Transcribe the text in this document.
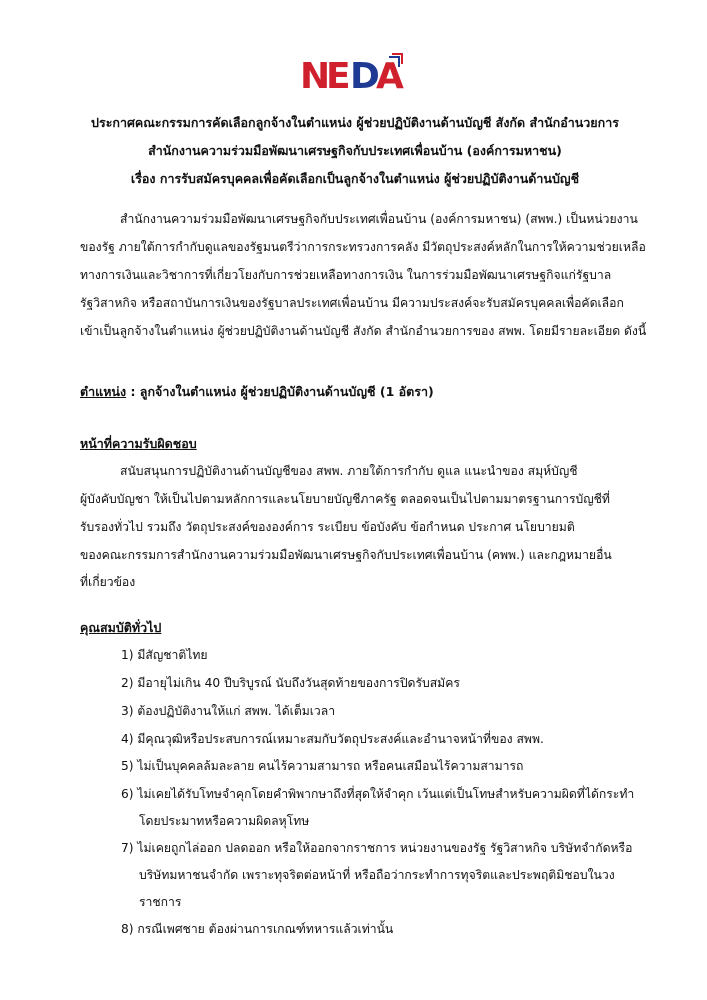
N
E D
A
ประกาศคณะกรรมการคัดเลือกลูกจ้างในตำแหน่ง ผู้ช่วยปฏิบัติงานด้านบัญชี สังกัด สำนักอำนวยการ
สำนักงานความร่วมมือพัฒนาเศรษฐกิจกับประเทศเพื่อนบ้าน (องค์การมหาชน)
เรื่อง การรับสมัครบุคคลเพื่อคัดเลือกเป็นลูกจ้างในตำแหน่ง ผู้ช่วยปฏิบัติงานด้านบัญชี
สำนักงานความร่วมมือพัฒนาเศรษฐกิจกับประเทศเพื่อนบ้าน (องค์การมหาชน) (สพพ.) เป็นหน่วยงาน
ของรัฐ ภายใต้การกำกับดูแลของรัฐมนตรีว่าการกระทรวงการคลัง มีวัตถุประสงค์หลักในการให้ความช่วยเหลือ
ทางการเงินและวิชาการที่เกี่ยวโยงกับการช่วยเหลือทางการเงิน ในการร่วมมือพัฒนาเศรษฐกิจแก่รัฐบาล
รัฐวิสาหกิจ หรือสถาบันการเงินของรัฐบาลประเทศเพื่อนบ้าน มีความประสงค์จะรับสมัครบุคคลเพื่อคัดเลือก
เข้าเป็นลูกจ้างในตำแหน่ง ผู้ช่วยปฏิบัติงานด้านบัญชี สังกัด สำนักอำนวยการของ สพพ. โดยมีรายละเอียด ดังนี้
ตำแหน่ง : ลูกจ้างในตำแหน่ง ผู้ช่วยปฏิบัติงานด้านบัญชี (1 อัตรา)
หน้าที่ความรับผิดชอบ
สนับสนุนการปฏิบัติงานด้านบัญชีของ สพพ. ภายใต้การกำกับ ดูแล แนะนำของ สมุห์บัญชี
ผู้บังคับบัญชา ให้เป็นไปตามหลักการและนโยบายบัญชีภาครัฐ ตลอดจนเป็นไปตามมาตรฐานการบัญชีที่
รับรองทั่วไป รวมถึง วัตถุประสงค์ขององค์การ ระเบียบ ข้อบังคับ ข้อกำหนด ประกาศ นโยบายมติ
ของคณะกรรมการสำนักงานความร่วมมือพัฒนาเศรษฐกิจกับประเทศเพื่อนบ้าน (คพพ.) และกฎหมายอื่น
ที่เกี่ยวข้อง
คุณสมบัติทั่วไป
1) มีสัญชาติไทย
2) มีอายุไม่เกิน 40 ปีบริบูรณ์ นับถึงวันสุดท้ายของการปิดรับสมัคร
3) ต้องปฏิบัติงานให้แก่ สพพ. ได้เต็มเวลา
4) มีคุณวุฒิหรือประสบการณ์เหมาะสมกับวัตถุประสงค์และอำนาจหน้าที่ของ สพพ.
5) ไม่เป็นบุคคลล้มละลาย คนไร้ความสามารถ หรือคนเสมือนไร้ความสามารถ
6) ไม่เคยได้รับโทษจำคุกโดยคำพิพากษาถึงที่สุดให้จำคุก เว้นแต่เป็นโทษสำหรับความผิดที่ได้กระทำ
โดยประมาทหรือความผิดลหุโทษ
7) ไม่เคยถูกไล่ออก ปลดออก หรือให้ออกจากราชการ หน่วยงานของรัฐ รัฐวิสาหกิจ บริษัทจำกัดหรือ
บริษัทมหาชนจำกัด เพราะทุจริตต่อหน้าที่ หรือถือว่ากระทำการทุจริตและประพฤติมิชอบในวง
ราชการ
8) กรณีเพศชาย ต้องผ่านการเกณฑ์ทหารแล้วเท่านั้น
